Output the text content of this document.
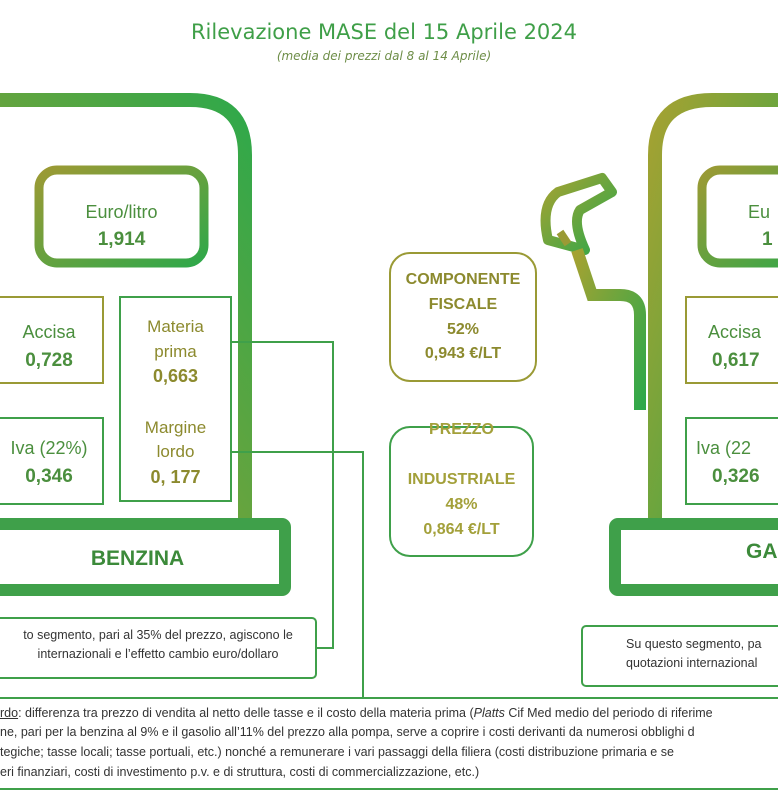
Rilevazione MASE del 15 Aprile 2024
(media dei prezzi dal 8 al 14 Aprile)
Euro/litro
1,914
Accisa
0,728
Materia
prima
0,663
Margine
lordo
0, 177
Iva (22%)
0,346
BENZINA
to segmento, pari al 35% del prezzo, agiscono le
internazionali e l’effetto cambio euro/dollaro
COMPONENTE
FISCALE
52%
0,943 €/LT
PREZZO
INDUSTRIALE
48%
0,864 €/LT
Eu
1
Accisa
0,617
Iva (22
0,326
GA
Su questo segmento, pa
quotazioni internazional
rdo: differenza tra prezzo di vendita al netto delle tasse e il costo della materia prima (Platts Cif Med medio del periodo di riferime
ne, pari per la benzina al 9% e il gasolio all’11% del prezzo alla pompa, serve a coprire i costi derivanti da numerosi obblighi d
tegiche; tasse locali; tasse portuali, etc.) nonché a remunerare i vari passaggi della filiera (costi distribuzione primaria e se
eri finanziari, costi di investimento p.v. e di struttura, costi di commercializzazione, etc.)
